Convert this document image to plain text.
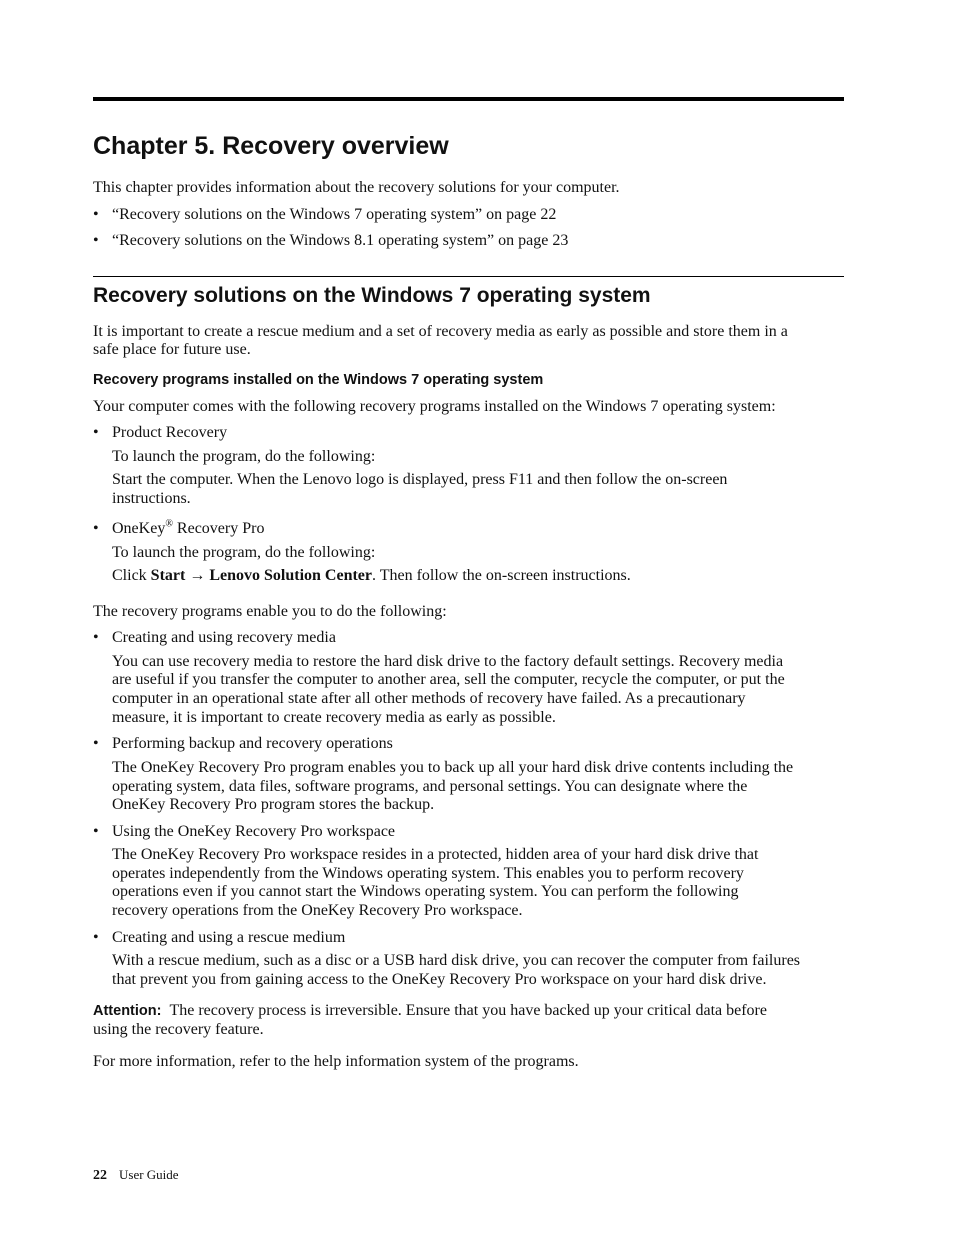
Chapter 5. Recovery overview

This chapter provides information about the recovery solutions for your computer.

• “Recovery solutions on the Windows 7 operating system” on page 22

• “Recovery solutions on the Windows 8.1 operating system” on page 23

Recovery solutions on the Windows 7 operating system

It is important to create a rescue medium and a set of recovery media as early as possible and store them in a

safe place for future use.

Recovery programs installed on the Windows 7 operating system

Your computer comes with the following recovery programs installed on the Windows 7 operating system:

• Product Recovery

To launch the program, do the following:

Start the computer. When the Lenovo logo is displayed, press F11 and then follow the on-screen

instructions.

• OneKey® Recovery Pro

To launch the program, do the following:

Click Start → Lenovo Solution Center. Then follow the on-screen instructions.

The recovery programs enable you to do the following:

• Creating and using recovery media

You can use recovery media to restore the hard disk drive to the factory default settings. Recovery media

are useful if you transfer the computer to another area, sell the computer, recycle the computer, or put the

computer in an operational state after all other methods of recovery have failed. As a precautionary

measure, it is important to create recovery media as early as possible.

• Performing backup and recovery operations

The OneKey Recovery Pro program enables you to back up all your hard disk drive contents including the

operating system, data files, software programs, and personal settings. You can designate where the

OneKey Recovery Pro program stores the backup.

• Using the OneKey Recovery Pro workspace

The OneKey Recovery Pro workspace resides in a protected, hidden area of your hard disk drive that

operates independently from the Windows operating system. This enables you to perform recovery

operations even if you cannot start the Windows operating system. You can perform the following

recovery operations from the OneKey Recovery Pro workspace.

• Creating and using a rescue medium

With a rescue medium, such as a disc or a USB hard disk drive, you can recover the computer from failures

that prevent you from gaining access to the OneKey Recovery Pro workspace on your hard disk drive.

Attention: The recovery process is irreversible. Ensure that you have backed up your critical data before

using the recovery feature.

For more information, refer to the help information system of the programs.

22 User Guide
